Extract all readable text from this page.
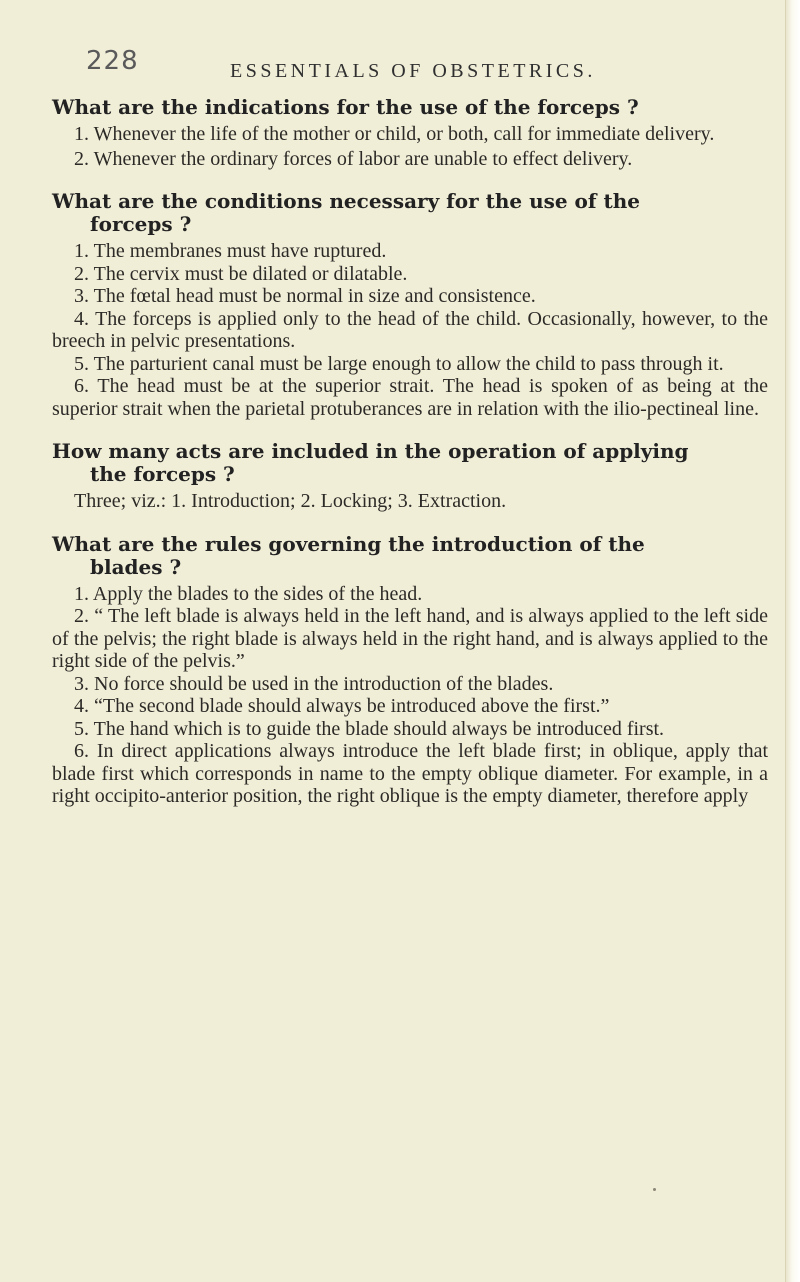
228	ESSENTIALS OF OBSTETRICS.

What are the indications for the use of the forceps ?

1. Whenever the life of the mother or child, or both, call for immediate delivery.

2. Whenever the ordinary forces of labor are unable to effect delivery.

What are the conditions necessary for the use of the
forceps ?

1. The membranes must have ruptured.

2. The cervix must be dilated or dilatable.

3. The fœtal head must be normal in size and consistence.

4. The forceps is applied only to the head of the child. Occasionally, however, to the breech in pelvic presentations.

5. The parturient canal must be large enough to allow the child to pass through it.

6. The head must be at the superior strait. The head is spoken of as being at the superior strait when the parietal protuberances are in relation with the ilio-pectineal line.

How many acts are included in the operation of applying
the forceps ?

Three; viz.: 1. Introduction; 2. Locking; 3. Extraction.

What are the rules governing the introduction of the
blades ?

1. Apply the blades to the sides of the head.

2. “ The left blade is always held in the left hand, and is always applied to the left side of the pelvis; the right blade is always held in the right hand, and is always applied to the right side of the pelvis.”

3. No force should be used in the introduction of the blades.

4. “The second blade should always be introduced above the first.”

5. The hand which is to guide the blade should always be introduced first.

6. In direct applications always introduce the left blade first; in oblique, apply that blade first which corresponds in name to the empty oblique diameter. For example, in a right occipito-anterior position, the right oblique is the empty diameter, therefore apply
